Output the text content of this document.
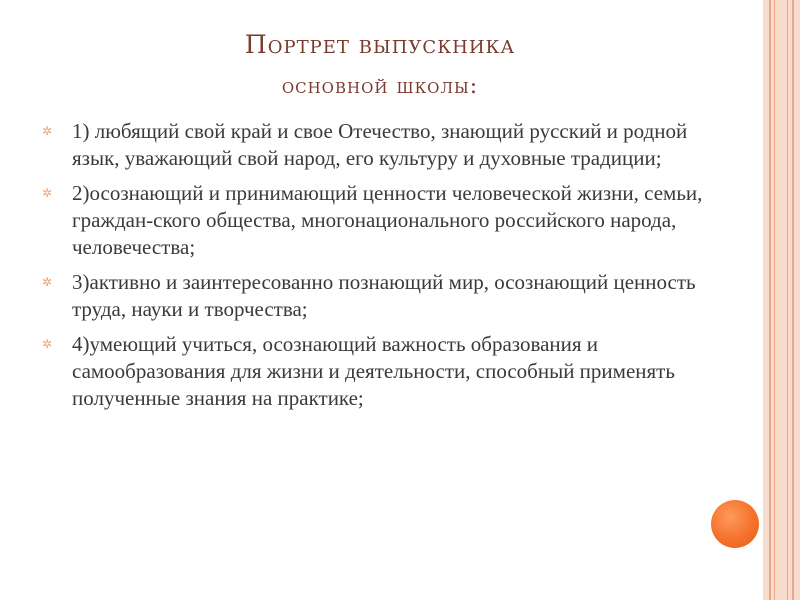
Портрет выпускника
основной школы:
✲ 1) любящий свой край и свое Отечество, знающий русский и родной язык, уважающий свой народ, его культуру и духовные традиции;
✲ 2)осознающий и принимающий ценности человеческой жизни, семьи, граждан-ского общества, многонационального российского народа, человечества;
✲ 3)активно и заинтересованно познающий мир, осознающий ценность труда, науки и творчества;
✲ 4)умеющий учиться, осознающий важность образования и самообразования для жизни и деятельности, способный применять полученные знания на практике;
